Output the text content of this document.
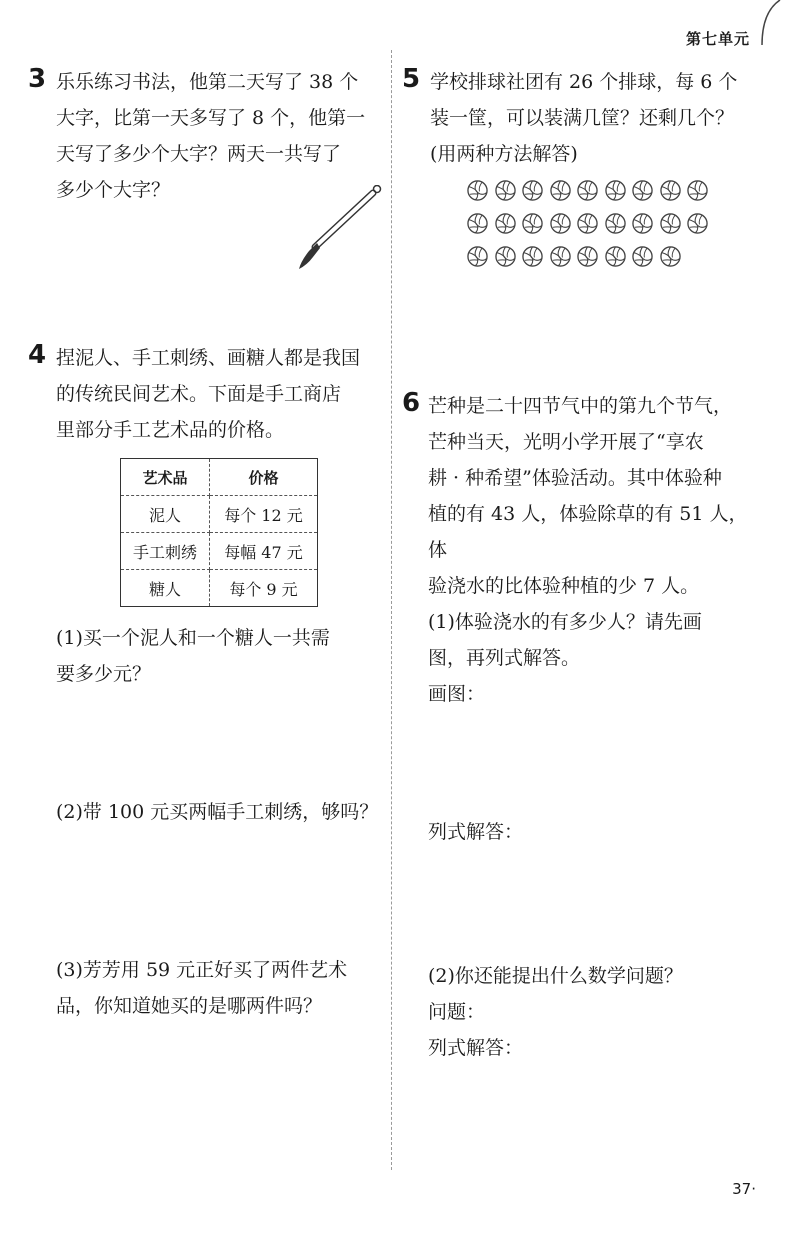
第七单元
3 乐乐练习书法，他第二天写了 38 个
大字，比第一天多写了 8 个，他第一
天写了多少个大字？两天一共写了
多少个大字？

4 捏泥人、手工刺绣、画糖人都是我国
的传统民间艺术。下面是手工商店
里部分手工艺术品的价格。

艺术品	价格
泥人	每个 12 元
手工刺绣	每幅 47 元
糖人	每个 9 元
(1)买一个泥人和一个糖人一共需
要多少元？
(2)带 100 元买两幅手工刺绣，够吗？
(3)芳芳用 59 元正好买了两件艺术
品，你知道她买的是哪两件吗？
5 学校排球社团有 26 个排球，每 6 个
装一筐，可以装满几筐？还剩几个？
(用两种方法解答)

6 芒种是二十四节气中的第九个节气，
芒种当天，光明小学开展了“享农
耕 · 种希望”体验活动。其中体验种
植的有 43 人，体验除草的有 51 人，体
验浇水的比体验种植的少 7 人。
(1)体验浇水的有多少人？请先画
图，再列式解答。
画图：

列式解答：
(2)你还能提出什么数学问题？
问题：
列式解答：
37·
